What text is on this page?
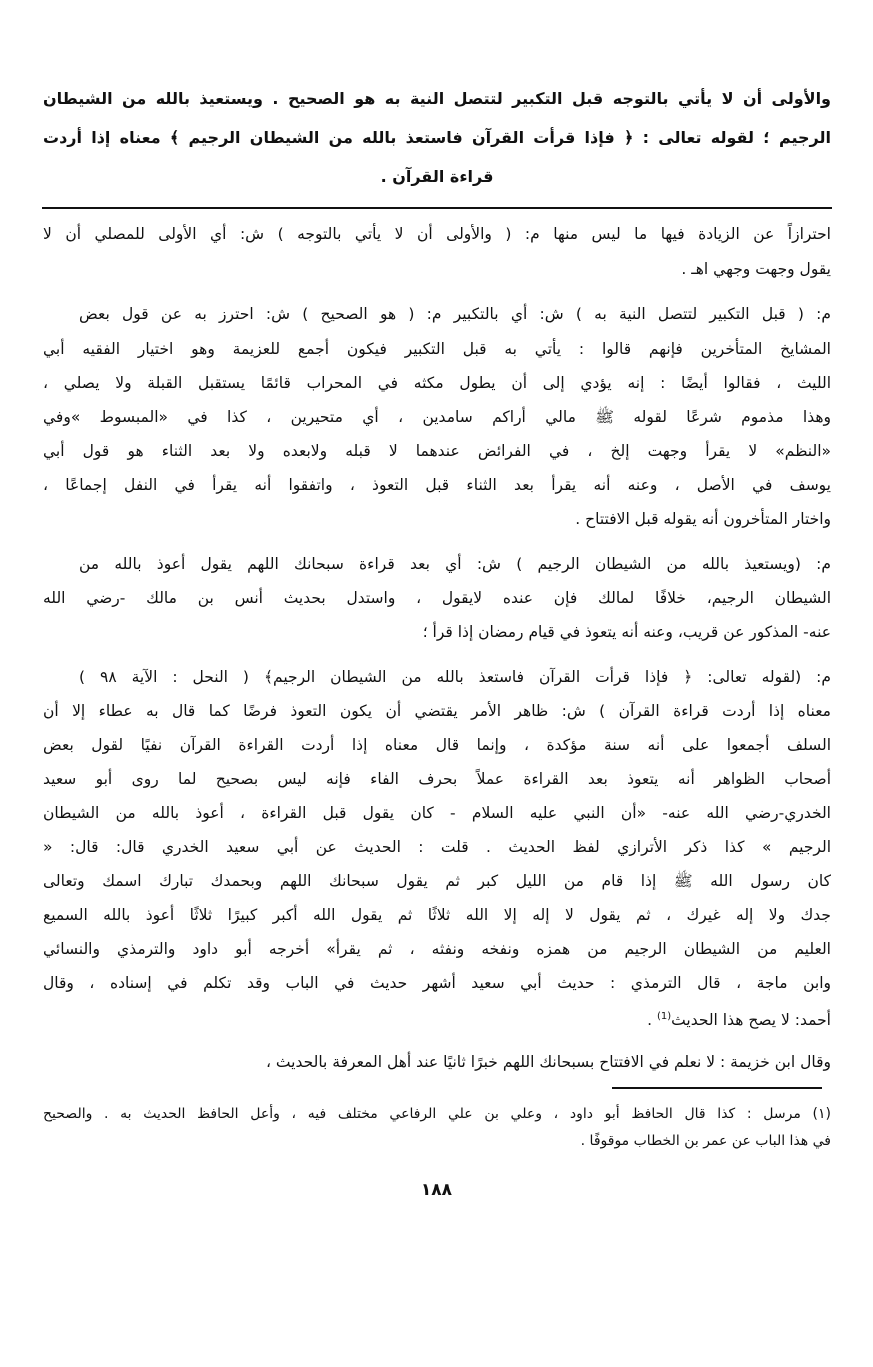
والأولى أن لا يأتي بالتوجه قبل التكبير لتتصل النية به هو الصحيح . ويستعيذ بالله من الشيطان
الرجيم ؛ لقوله تعالى : ﴿ فإذا قرأت القرآن فاستعذ بالله من الشيطان الرجيم ﴾ معناه إذا أردت
قراءة القرآن .
احترازاً عن الزيادة فيها ما ليس منها م: ( والأولى أن لا يأتي بالتوجه ) ش: أي الأولى للمصلي أن لا
يقول وجهت وجهي اهـ .
م: ( قبل التكبير لتتصل النية به ) ش: أي بالتكبير م: ( هو الصحيح ) ش: احترز به عن قول بعض
المشايخ المتأخرين فإنهم قالوا : يأتي به قبل التكبير فيكون أجمع للعزيمة وهو اختيار الفقيه أبي
الليث ، فقالوا أيضًا : إنه يؤدي إلى أن يطول مكثه في المحراب قائمًا يستقبل القبلة ولا يصلي ،
وهذا مذموم شرعًا لقوله ﷺ مالي أراكم سامدين ، أي متحيرين ، كذا في «المبسوط »وفي
«النظم» لا يقرأ وجهت إلخ ، في الفرائض عندهما لا قبله ولابعده ولا بعد الثناء هو قول أبي
يوسف في الأصل ، وعنه أنه يقرأ بعد الثناء قبل التعوذ ، واتفقوا أنه يقرأ في النفل إجماعًا ،
واختار المتأخرون أنه يقوله قبل الافتتاح .
م: (ويستعيذ بالله من الشيطان الرجيم ) ش: أي بعد قراءة سبحانك اللهم يقول أعوذ بالله من
الشيطان الرجيم، خلافًا لمالك فإن عنده لايقول ، واستدل بحديث أنس بن مالك -رضي الله
عنه- المذكور عن قريب، وعنه أنه يتعوذ في قيام رمضان إذا قرأ ؛
م: (لقوله تعالى: ﴿ فإذا قرأت القرآن فاستعذ بالله من الشيطان الرجيم﴾ ( النحل : الآية ٩٨ )
معناه إذا أردت قراءة القرآن ) ش: ظاهر الأمر يقتضي أن يكون التعوذ فرضًا كما قال به عطاء إلا أن
السلف أجمعوا على أنه سنة مؤكدة ، وإنما قال معناه إذا أردت القراءة القرآن نفيًا لقول بعض
أصحاب الظواهر أنه يتعوذ بعد القراءة عملاً بحرف الفاء فإنه ليس بصحيح لما روى أبو سعيد
الخدري-رضي الله عنه- «أن النبي عليه السلام - كان يقول قبل القراءة ، أعوذ بالله من الشيطان
الرجيم » كذا ذكر الأترازي لفظ الحديث . قلت : الحديث عن أبي سعيد الخدري قال: قال: «
كان رسول الله ﷺ إذا قام من الليل كبر ثم يقول سبحانك اللهم وبحمدك تبارك اسمك وتعالى
جدك ولا إله غيرك ، ثم يقول لا إله إلا الله ثلاثًا ثم يقول الله أكبر كبيرًا ثلاثًا أعوذ بالله السميع
العليم من الشيطان الرجيم من همزه ونفخه ونفثه ، ثم يقرأ» أخرجه أبو داود والترمذي والنسائي
وابن ماجة ، قال الترمذي : حديث أبي سعيد أشهر حديث في الباب وقد تكلم في إسناده ، وقال
أحمد: لا يصح هذا الحديث$^{(1)}$ .
وقال ابن خزيمة : لا نعلم في الافتتاح بسبحانك اللهم خبرًا ثانيًا عند أهل المعرفة بالحديث ،
(١) مرسل : كذا قال الحافظ أبو داود ، وعلي بن علي الرفاعي مختلف فيه ، وأعل الحافظ الحديث به . والصحيح
في هذا الباب عن عمر بن الخطاب موقوفًا .
١٨٨
